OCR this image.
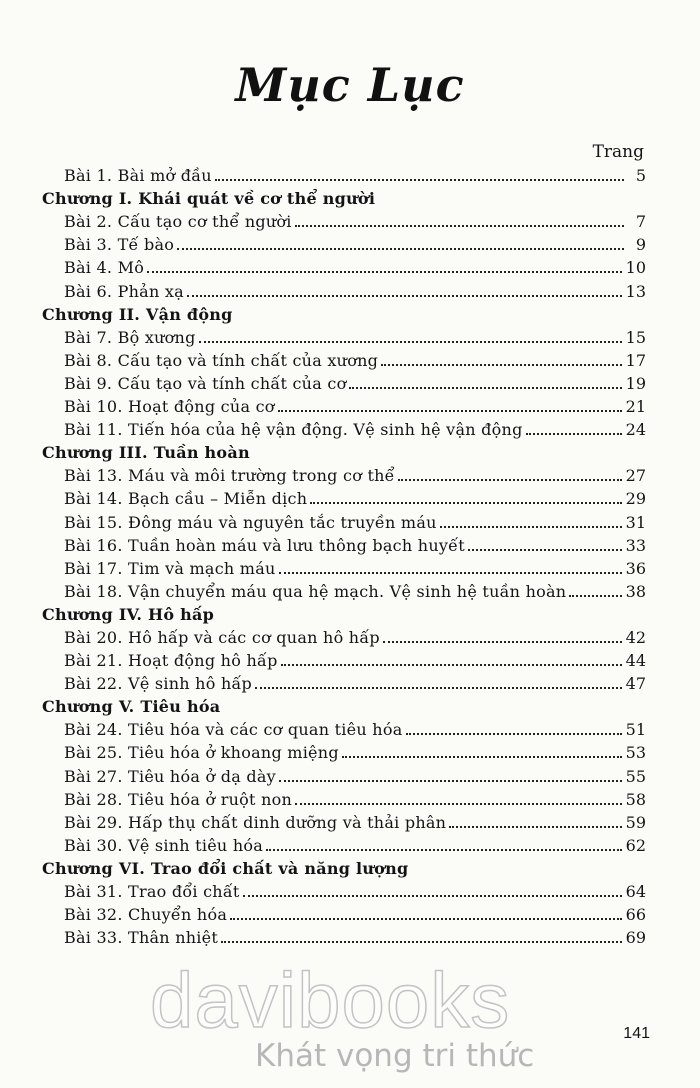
Mục Lục
Trang
Bài 1. Bài mở đầu	5
Chương I. Khái quát về cơ thể người
Bài 2. Cấu tạo cơ thể người	7
Bài 3. Tế bào	9
Bài 4. Mô	10
Bài 6. Phản xạ	13
Chương II. Vận động
Bài 7. Bộ xương	15
Bài 8. Cấu tạo và tính chất của xương	17
Bài 9. Cấu tạo và tính chất của cơ	19
Bài 10. Hoạt động của cơ	21
Bài 11. Tiến hóa của hệ vận động. Vệ sinh hệ vận động	24
Chương III. Tuần hoàn
Bài 13. Máu và môi trường trong cơ thể	27
Bài 14. Bạch cầu – Miễn dịch	29
Bài 15. Đông máu và nguyên tắc truyền máu	31
Bài 16. Tuần hoàn máu và lưu thông bạch huyết	33
Bài 17. Tim và mạch máu	36
Bài 18. Vận chuyển máu qua hệ mạch. Vệ sinh hệ tuần hoàn	38
Chương IV. Hô hấp
Bài 20. Hô hấp và các cơ quan hô hấp	42
Bài 21. Hoạt động hô hấp	44
Bài 22. Vệ sinh hô hấp	47
Chương V. Tiêu hóa
Bài 24. Tiêu hóa và các cơ quan tiêu hóa	51
Bài 25. Tiêu hóa ở khoang miệng	53
Bài 27. Tiêu hóa ở dạ dày	55
Bài 28. Tiêu hóa ở ruột non	58
Bài 29. Hấp thụ chất dinh dưỡng và thải phân	59
Bài 30. Vệ sinh tiêu hóa	62
Chương VI. Trao đổi chất và năng lượng
Bài 31. Trao đổi chất	64
Bài 32. Chuyển hóa	66
Bài 33. Thân nhiệt	69
davibooks
Khát vọng tri thức
141
